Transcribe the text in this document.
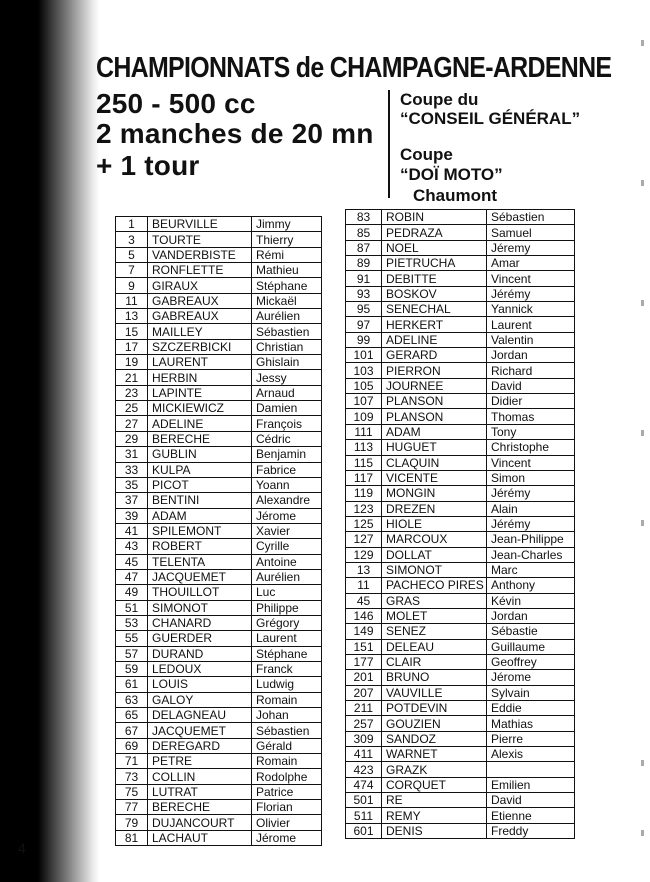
CHAMPIONNATS de CHAMPAGNE-ARDENNE
250 - 500 cc
2 manches de 20 mn
+ 1 tour
Coupe du
“CONSEIL GÉNÉRAL”
Coupe
“DOÏ MOTO”
Chaumont
1	BEURVILLE	Jimmy
3	TOURTE	Thierry
5	VANDERBISTE	Rémi
7	RONFLETTE	Mathieu
9	GIRAUX	Stéphane
11	GABREAUX	Mickaël
13	GABREAUX	Aurélien
15	MAILLEY	Sébastien
17	SZCZERBICKI	Christian
19	LAURENT	Ghislain
21	HERBIN	Jessy
23	LAPINTE	Arnaud
25	MICKIEWICZ	Damien
27	ADELINE	François
29	BERECHE	Cédric
31	GUBLIN	Benjamin
33	KULPA	Fabrice
35	PICOT	Yoann
37	BENTINI	Alexandre
39	ADAM	Jérome
41	SPILEMONT	Xavier
43	ROBERT	Cyrille
45	TELENTA	Antoine
47	JACQUEMET	Aurélien
49	THOUILLOT	Luc
51	SIMONOT	Philippe
53	CHANARD	Grégory
55	GUERDER	Laurent
57	DURAND	Stéphane
59	LEDOUX	Franck
61	LOUIS	Ludwig
63	GALOY	Romain
65	DELAGNEAU	Johan
67	JACQUEMET	Sébastien
69	DEREGARD	Gérald
71	PETRE	Romain
73	COLLIN	Rodolphe
75	LUTRAT	Patrice
77	BERECHE	Florian
79	DUJANCOURT	Olivier
81	LACHAUT	Jérome
83	ROBIN	Sébastien
85	PEDRAZA	Samuel
87	NOEL	Jéremy
89	PIETRUCHA	Amar
91	DEBITTE	Vincent
93	BOSKOV	Jérémy
95	SENECHAL	Yannick
97	HERKERT	Laurent
99	ADELINE	Valentin
101	GERARD	Jordan
103	PIERRON	Richard
105	JOURNEE	David
107	PLANSON	Didier
109	PLANSON	Thomas
111	ADAM	Tony
113	HUGUET	Christophe
115	CLAQUIN	Vincent
117	VICENTE	Simon
119	MONGIN	Jérémy
123	DREZEN	Alain
125	HIOLE	Jérémy
127	MARCOUX	Jean-Philippe
129	DOLLAT	Jean-Charles
13	SIMONOT	Marc
11	PACHECO PIRES	Anthony
45	GRAS	Kévin
146	MOLET	Jordan
149	SENEZ	Sébastie
151	DELEAU	Guillaume
177	CLAIR	Geoffrey
201	BRUNO	Jérome
207	VAUVILLE	Sylvain
211	POTDEVIN	Eddie
257	GOUZIEN	Mathias
309	SANDOZ	Pierre
411	WARNET	Alexis
423	GRAZK	
474	CORQUET	Emilien
501	RE	David
511	REMY	Etienne
601	DENIS	Freddy
4
